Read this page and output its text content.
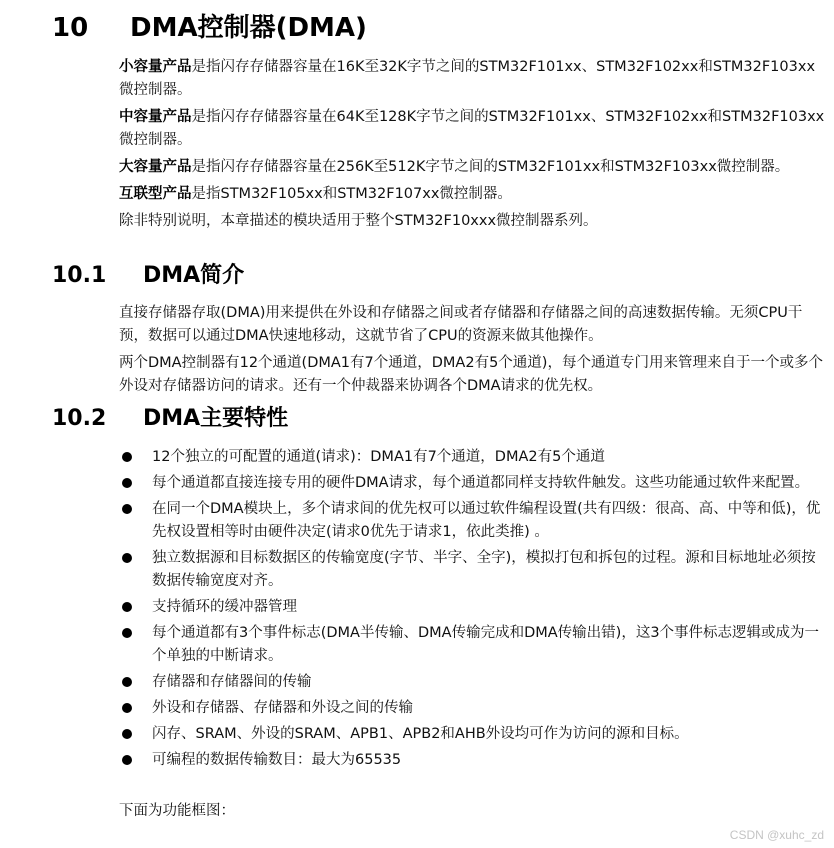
10 DMA控制器(DMA)

小容量产品是指闪存存储器容量在16K至32K字节之间的STM32F101xx、STM32F102xx和STM32F103xx微控制器。

中容量产品是指闪存存储器容量在64K至128K字节之间的STM32F101xx、STM32F102xx和STM32F103xx微控制器。

大容量产品是指闪存存储器容量在256K至512K字节之间的STM32F101xx和STM32F103xx微控制器。

互联型产品是指STM32F105xx和STM32F107xx微控制器。

除非特别说明，本章描述的模块适用于整个STM32F10xxx微控制器系列。

10.1 DMA简介

直接存储器存取(DMA)用来提供在外设和存储器之间或者存储器和存储器之间的高速数据传输。无须CPU干预，数据可以通过DMA快速地移动，这就节省了CPU的资源来做其他操作。

两个DMA控制器有12个通道(DMA1有7个通道，DMA2有5个通道)，每个通道专门用来管理来自于一个或多个外设对存储器访问的请求。还有一个仲裁器来协调各个DMA请求的优先权。

10.2 DMA主要特性
12个独立的可配置的通道(请求)：DMA1有7个通道，DMA2有5个通道
每个通道都直接连接专用的硬件DMA请求，每个通道都同样支持软件触发。这些功能通过软件来配置。
在同一个DMA模块上，多个请求间的优先权可以通过软件编程设置(共有四级：很高、高、中等和低)，优先权设置相等时由硬件决定(请求0优先于请求1，依此类推) 。
独立数据源和目标数据区的传输宽度(字节、半字、全字)，模拟打包和拆包的过程。源和目标地址必须按数据传输宽度对齐。
支持循环的缓冲器管理
每个通道都有3个事件标志(DMA半传输、DMA传输完成和DMA传输出错)，这3个事件标志逻辑或成为一个单独的中断请求。
存储器和存储器间的传输
外设和存储器、存储器和外设之间的传输
闪存、SRAM、外设的SRAM、APB1、APB2和AHB外设均可作为访问的源和目标。
可编程的数据传输数目：最大为65535
下面为功能框图：
CSDN @xuhc_zd
